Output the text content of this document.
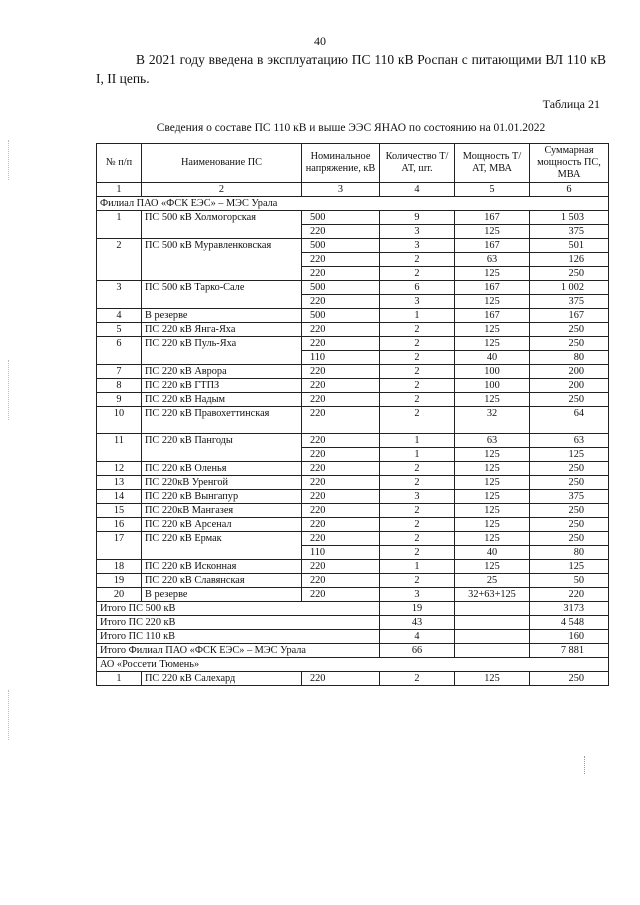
40
В 2021 году введена в эксплуатацию ПС 110 кВ Роспан с питающими ВЛ 110 кВ I, II цепь.
Таблица 21
Сведения о составе ПС 110 кВ и выше ЭЭС ЯНАО по состоянию на 01.01.2022
№ п/п	Наименование ПС	Номинальное напряжение, кВ	Количество Т/АТ, шт.	Мощность Т/АТ, МВА	Суммарная мощность ПС, МВА
1	2	3	4	5	6
Филиал ПАО «ФСК ЕЭС» – МЭС Урала					
1	ПС 500 кВ Холмогорская	500	9	167	1 503
		220	3	125	375
2	ПС 500 кВ Муравленковская	500	3	167	501
		220	2	63	126
		220	2	125	250
3	ПС 500 кВ Тарко-Сале	500	6	167	1 002
		220	3	125	375
4	В резерве	500	1	167	167
5	ПС 220 кВ Янга-Яха	220	2	125	250
6	ПС 220 кВ Пуль-Яха	220	2	125	250
		110	2	40	80
7	ПС 220 кВ Аврора	220	2	100	200
8	ПС 220 кВ ГТПЗ	220	2	100	200
9	ПС 220 кВ Надым	220	2	125	250
10	ПС 220 кВ Правохеттинская	220	2	32	64
11	ПС 220 кВ Пангоды	220	1	63	63
		220	1	125	125
12	ПС 220 кВ Оленья	220	2	125	250
13	ПС 220кВ Уренгой	220	2	125	250
14	ПС 220 кВ Вынгапур	220	3	125	375
15	ПС 220кВ Мангазея	220	2	125	250
16	ПС 220 кВ Арсенал	220	2	125	250
17	ПС 220 кВ Ермак	220	2	125	250
		110	2	40	80
18	ПС 220 кВ Исконная	220	1	125	125
19	ПС 220 кВ Славянская	220	2	25	50
20	В резерве	220	3	32+63+125	220
Итого ПС 500 кВ			19		3173
Итого ПС 220 кВ			43		4 548
Итого ПС 110 кВ			4		160
Итого Филиал ПАО «ФСК ЕЭС» – МЭС Урала			66		7 881
АО «Россети Тюмень»					
1	ПС 220 кВ Салехард	220	2	125	250
